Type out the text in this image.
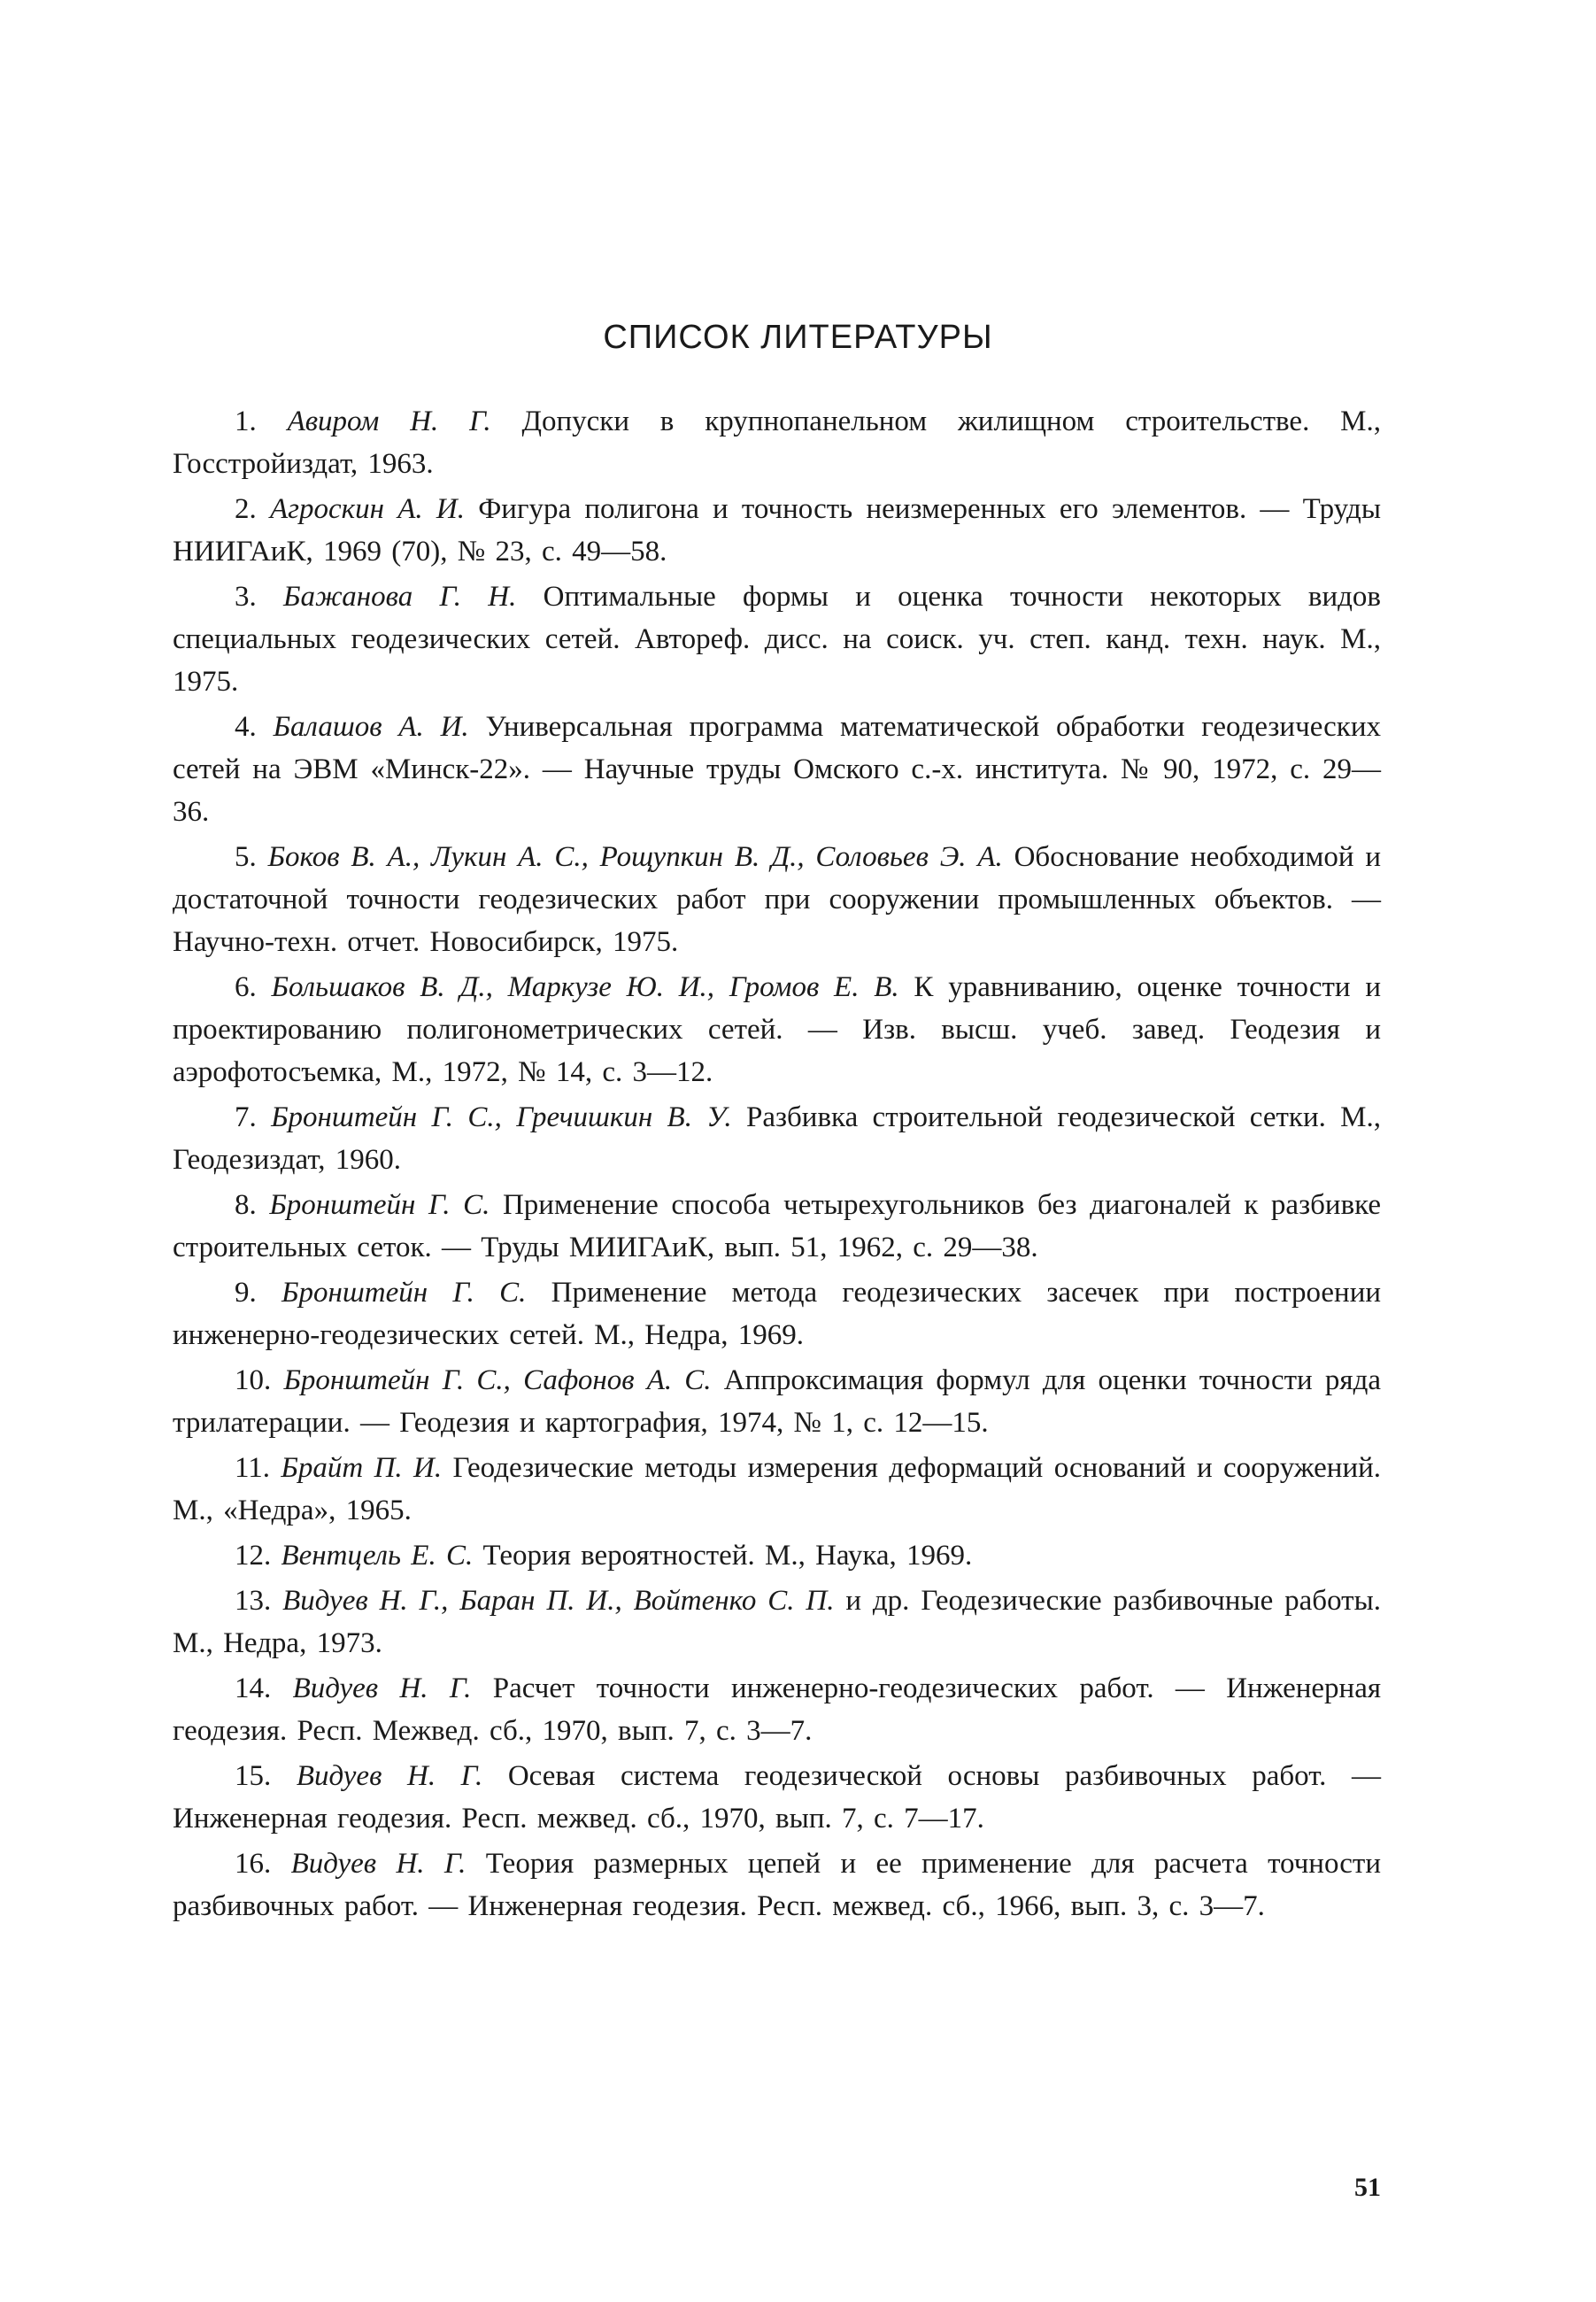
СПИСОК ЛИТЕРАТУРЫ

1. Авиром Н. Г. Допуски в крупнопанельном жилищном строительстве. М., Госстройиздат, 1963.

2. Агроскин А. И. Фигура полигона и точность неизмеренных его элементов. — Труды НИИГАиК, 1969 (70), № 23, с. 49—58.

3. Бажанова Г. Н. Оптимальные формы и оценка точности некоторых видов специальных геодезических сетей. Автореф. дисс. на соиск. уч. степ. канд. техн. наук. М., 1975.

4. Балашов А. И. Универсальная программа математической обработки геодезических сетей на ЭВМ «Минск-22». — Научные труды Омского с.-х. института. № 90, 1972, с. 29—36.

5. Боков В. А., Лукин А. С., Рощупкин В. Д., Соловьев Э. А. Обоснование необходимой и достаточной точности геодезических работ при сооружении промышленных объектов. — Научно-техн. отчет. Новосибирск, 1975.

6. Большаков В. Д., Маркузе Ю. И., Громов Е. В. К уравниванию, оценке точности и проектированию полигонометрических сетей. — Изв. высш. учеб. завед. Геодезия и аэрофотосъемка, М., 1972, № 14, с. 3—12.

7. Бронштейн Г. С., Гречишкин В. У. Разбивка строительной геодезической сетки. М., Геодезиздат, 1960.

8. Бронштейн Г. С. Применение способа четырехугольников без диагоналей к разбивке строительных сеток. — Труды МИИГАиК, вып. 51, 1962, с. 29—38.

9. Бронштейн Г. С. Применение метода геодезических засечек при построении инженерно-геодезических сетей. М., Недра, 1969.

10. Бронштейн Г. С., Сафонов А. С. Аппроксимация формул для оценки точности ряда трилатерации. — Геодезия и картография, 1974, № 1, с. 12—15.

11. Брайт П. И. Геодезические методы измерения деформаций оснований и сооружений. М., «Недра», 1965.

12. Вентцель Е. С. Теория вероятностей. М., Наука, 1969.

13. Видуев Н. Г., Баран П. И., Войтенко С. П. и др. Геодезические разбивочные работы. М., Недра, 1973.

14. Видуев Н. Г. Расчет точности инженерно-геодезических работ. — Инженерная геодезия. Респ. Межвед. сб., 1970, вып. 7, с. 3—7.

15. Видуев Н. Г. Осевая система геодезической основы разбивочных работ. — Инженерная геодезия. Респ. межвед. сб., 1970, вып. 7, с. 7—17.

16. Видуев Н. Г. Теория размерных цепей и ее применение для расчета точности разбивочных работ. — Инженерная геодезия. Респ. межвед. сб., 1966, вып. 3, с. 3—7.

51
